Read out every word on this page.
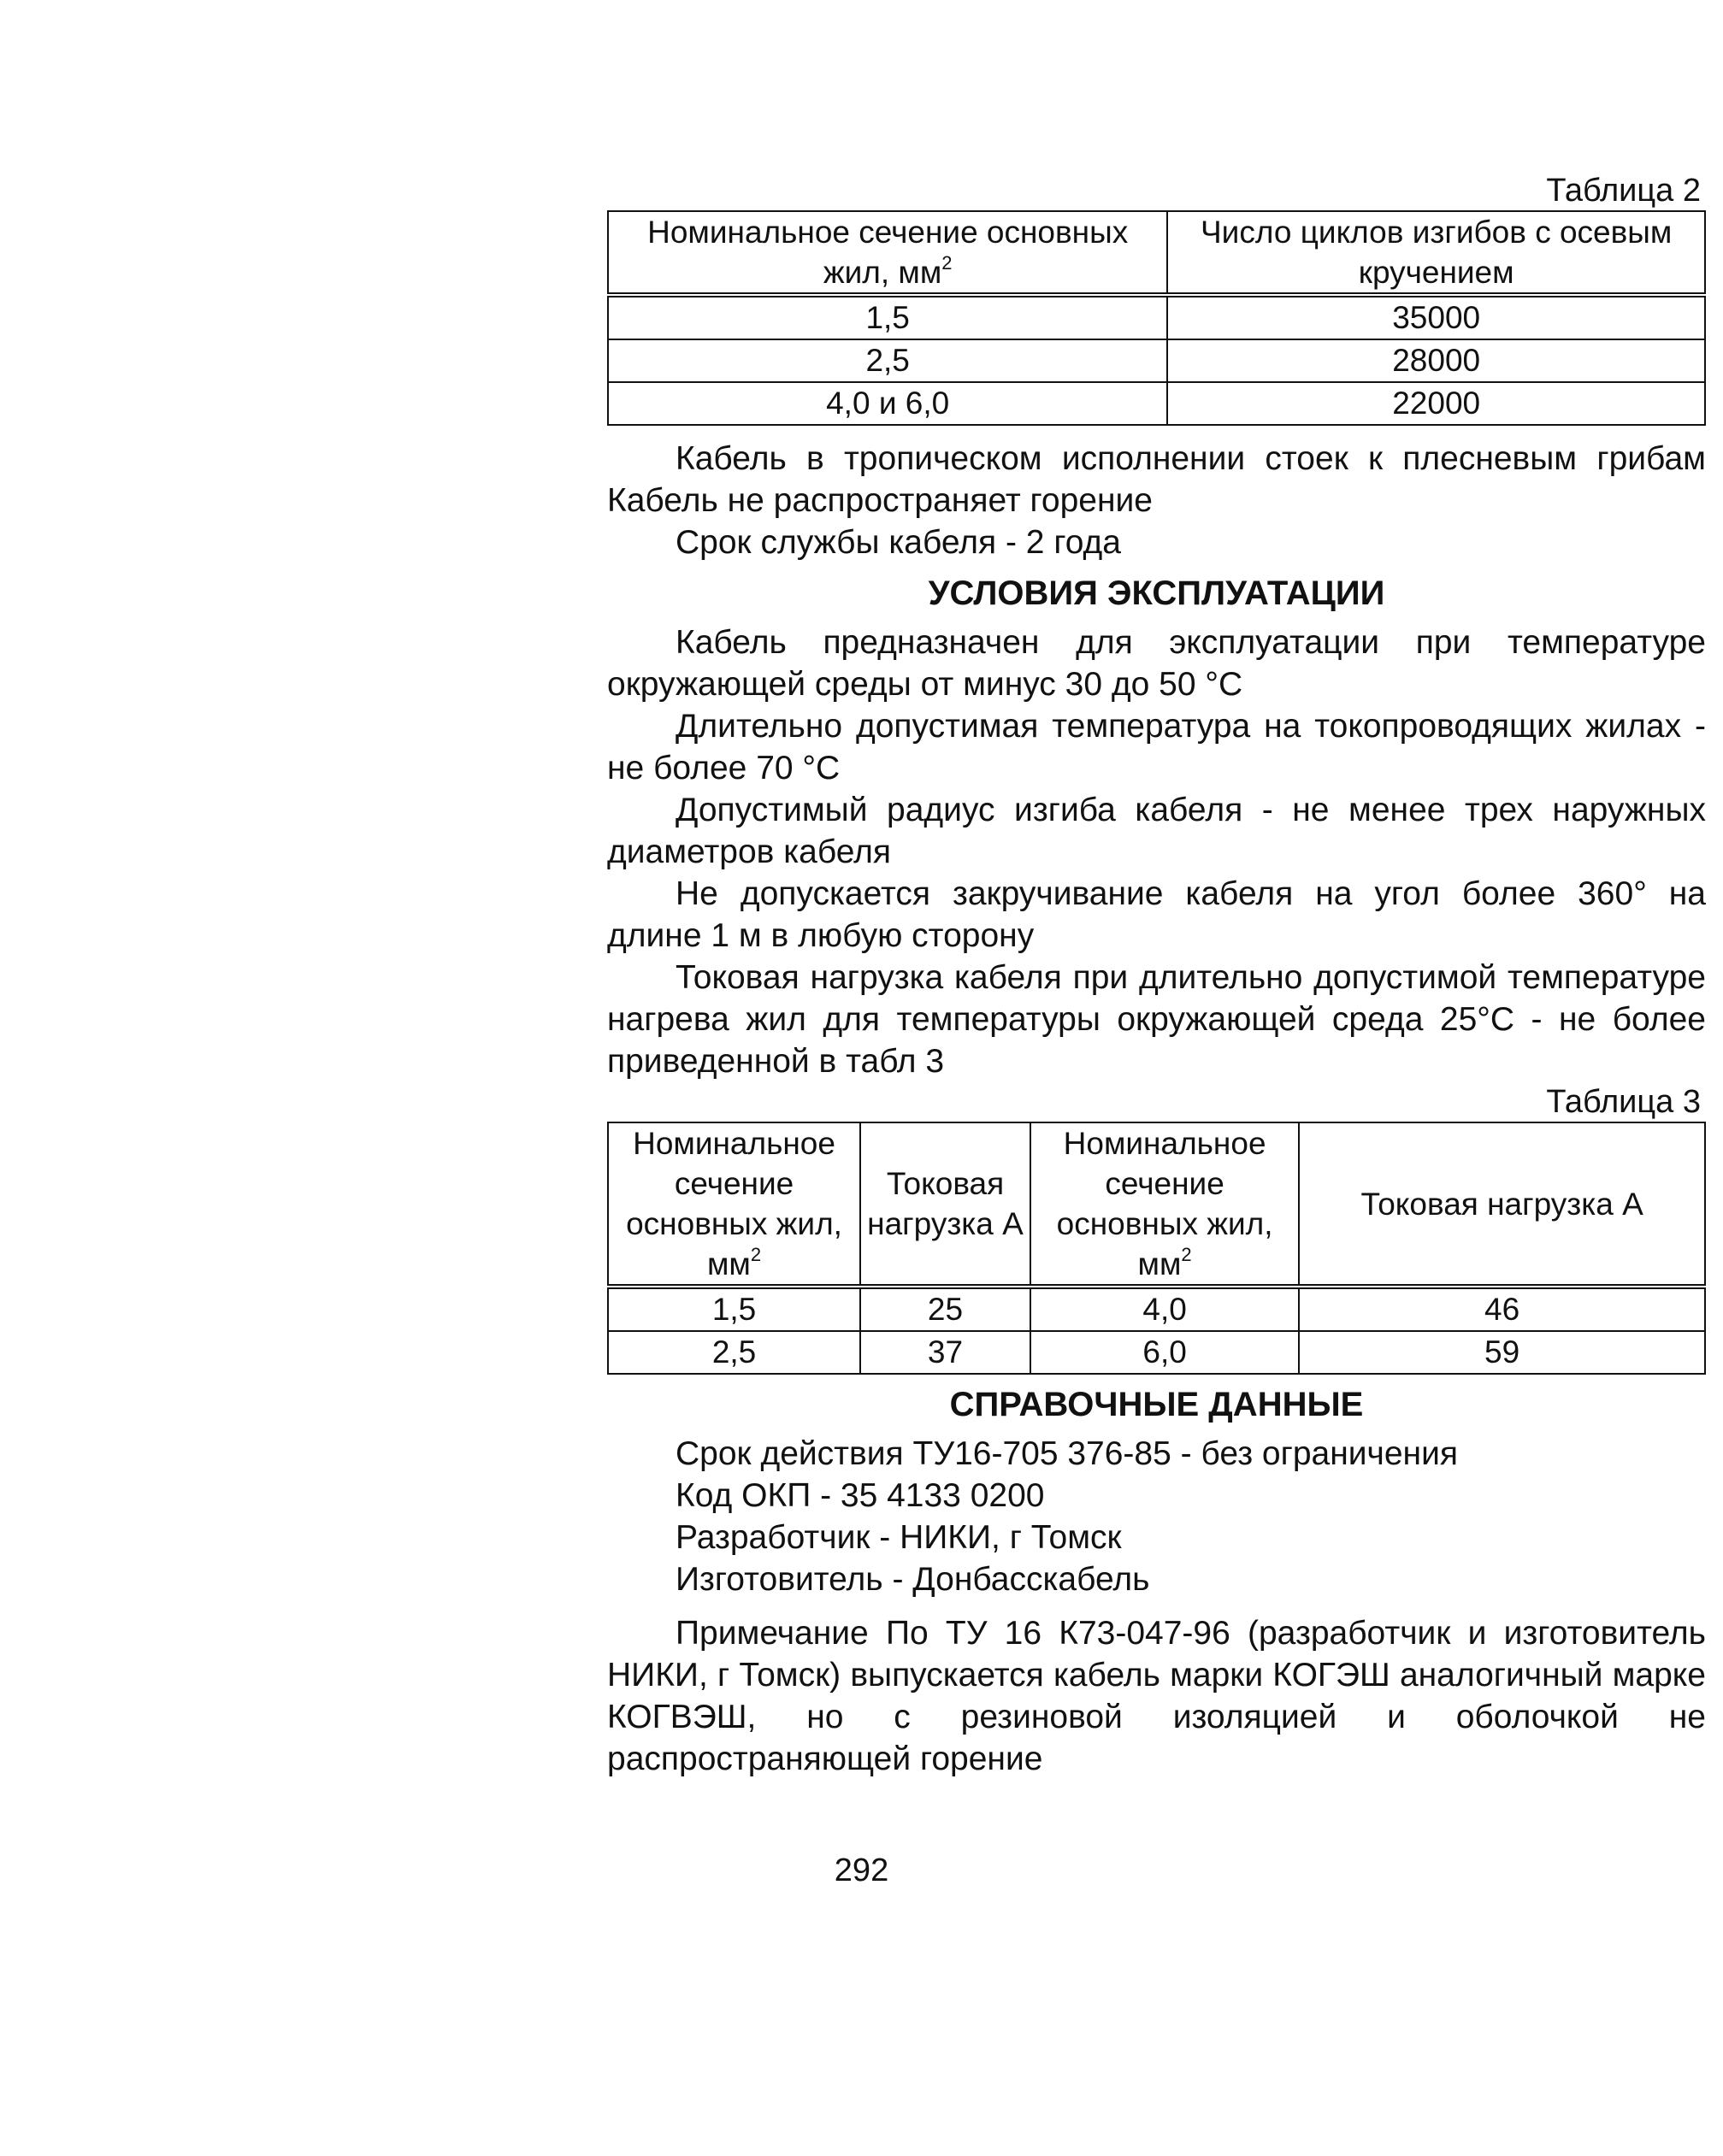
Таблица 2
Номинальное сечение основных жил, $мм^2$	Число циклов изгибов с осевым кручением
1,5	35000
2,5	28000
4,0 и 6,0	22000

Кабель в тропическом исполнении стоек к плесневым грибам Кабель не распространяет горение

Срок службы кабеля - 2 года

УСЛОВИЯ ЭКСПЛУАТАЦИИ

Кабель предназначен для эксплуатации при температуре окружающей среды от минус 30 до 50 °С

Длительно допустимая температура на токопроводящих жилах - не более 70 °С

Допустимый радиус изгиба кабеля - не менее трех наружных диаметров кабеля

Не допускается закручивание кабеля на угол более 360° на длине 1 м в любую сторону

Токовая нагрузка кабеля при длительно допустимой температуре нагрева жил для температуры окружающей среда 25°С - не более приведенной в табл 3

Таблица 3
Номинальное сечение основных жил, $мм^2$	Токовая нагрузка А	Номинальное сечение основных жил, $мм^2$	Токовая нагрузка А
1,5	25	4,0	46
2,5	37	6,0	59
СПРАВОЧНЫЕ ДАННЫЕ

Срок действия ТУ16-705 376-85 - без ограничения

Код ОКП - 35 4133 0200

Разработчик - НИКИ, г Томск

Изготовитель - Донбасскабель

Примечание По ТУ 16 К73-047-96 (разработчик и изготовитель НИКИ, г Томск) выпускается кабель марки КОГЭШ аналогичный марке КОГВЭШ, но с резиновой изоляцией и оболочкой не распространяющей горение

292
